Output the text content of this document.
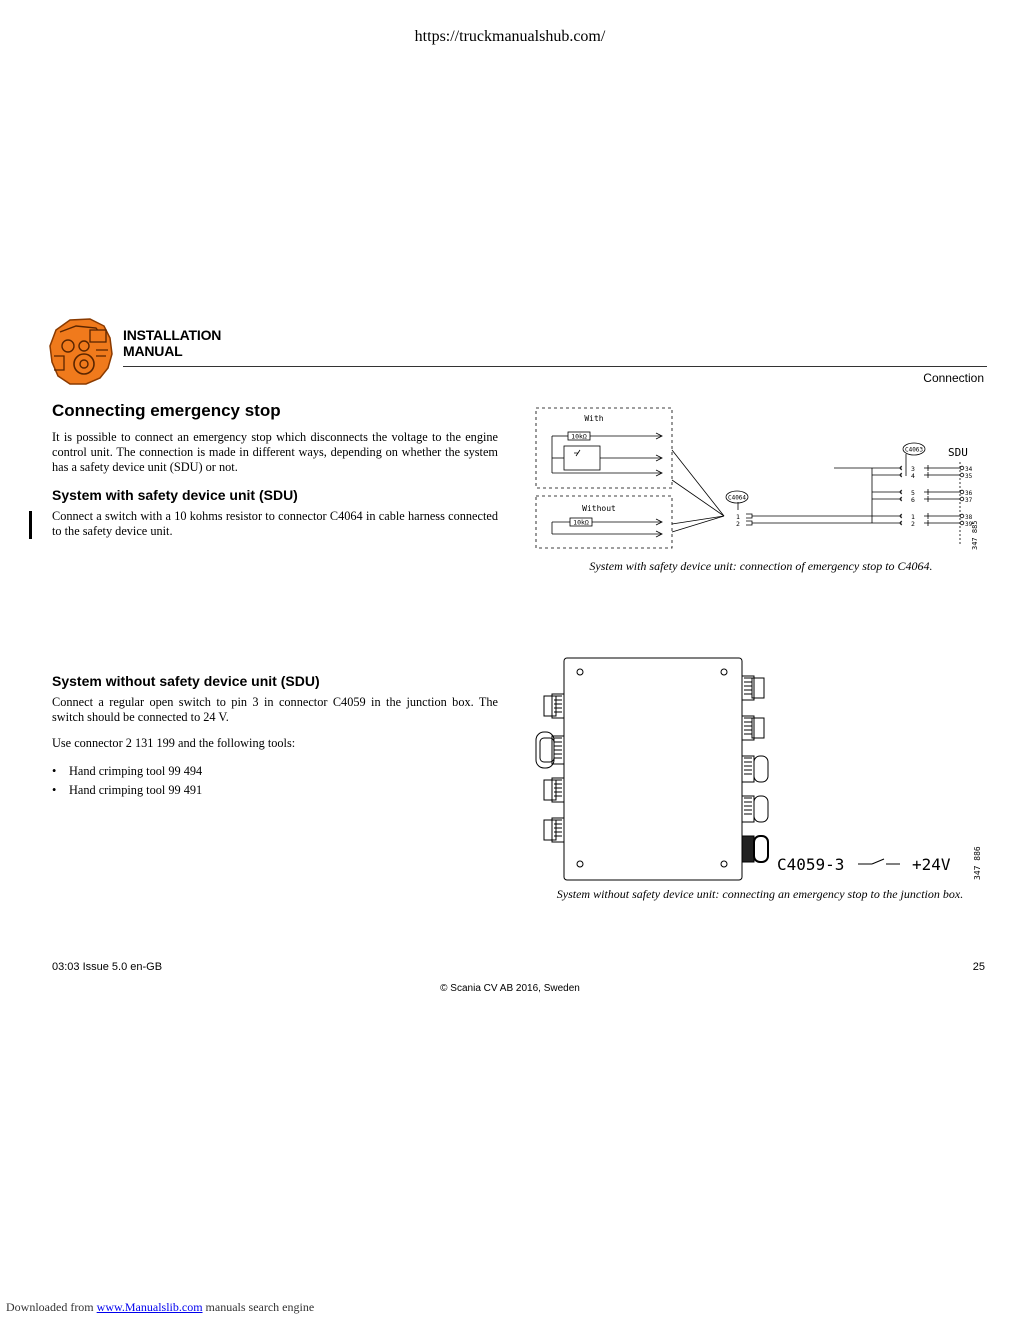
https://truckmanualshub.com/
INSTALLATION
MANUAL
Connection
Connecting emergency stop
It is possible to connect an emergency stop which disconnects the voltage to the engine control unit. The connection is made in different ways, depending on whether the system has a safety device unit (SDU) or not.
System with safety device unit (SDU)
Connect a switch with a 10 kohms resistor to connector C4064 in cable harness connected to the safety device unit.
With
Without
10kΩ
10kΩ
C4063
C4064
SDU
1
2
3
4
5
6
1
2
34
35
36
37
38
39
347 885
System with safety device unit: connection of emergency stop to C4064.
System without safety device unit (SDU)
Connect a regular open switch to pin 3 in connector C4059 in the junction box. The switch should be connected to 24 V.
Use connector 2 131 199 and the following tools:
• Hand crimping tool 99 494
• Hand crimping tool 99 491
C4059-3	+24V	347 886
System without safety device unit: connecting an emergency stop to the junction box.
03:03 Issue 5.0 en-GB	25
© Scania CV AB 2016, Sweden
Downloaded from www.Manualslib.com manuals search engine
